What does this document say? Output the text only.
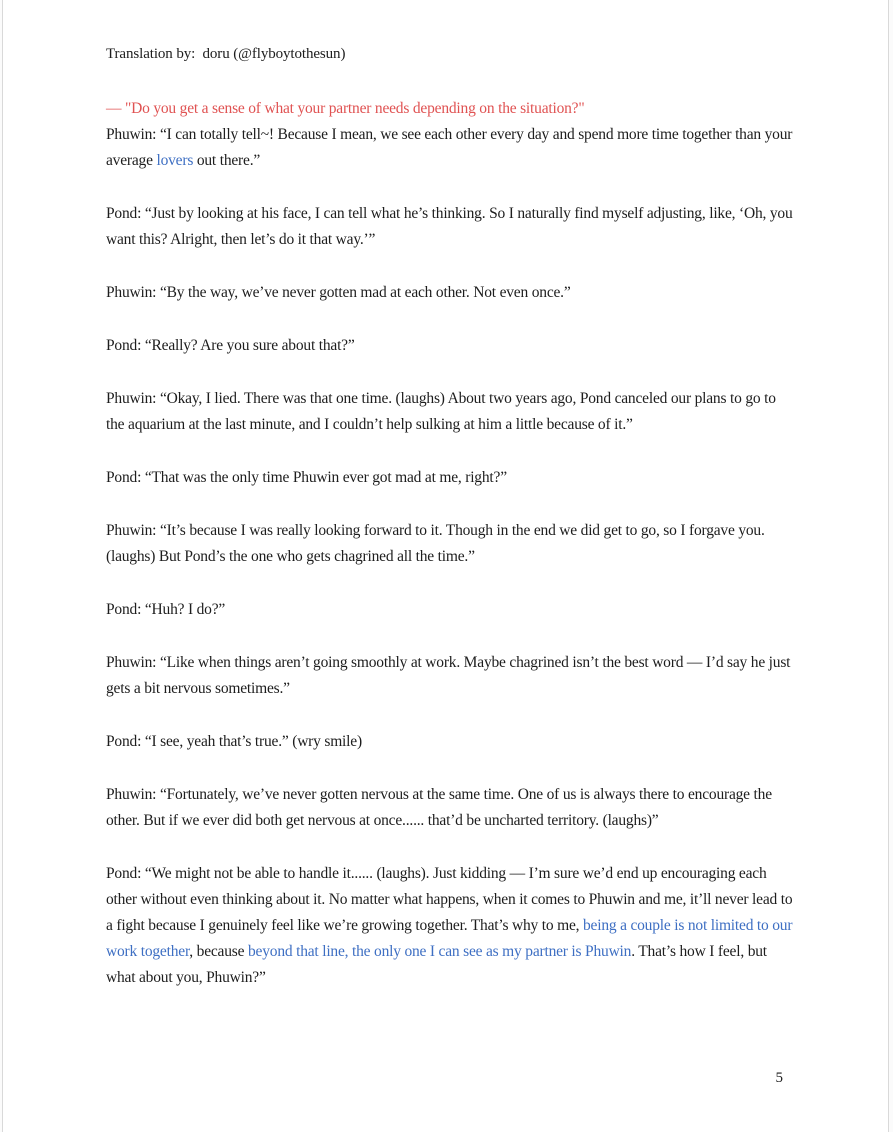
Translation by:  doru (@flyboytothesun)
— "Do you get a sense of what your partner needs depending on the situation?"

Phuwin: “I can totally tell~! Because I mean, we see each other every day and spend more time together than your average lovers out there.”

Pond: “Just by looking at his face, I can tell what he’s thinking. So I naturally find myself adjusting, like, ‘Oh, you want this? Alright, then let’s do it that way.’”

Phuwin: “By the way, we’ve never gotten mad at each other. Not even once.”

Pond: “Really? Are you sure about that?”

Phuwin: “Okay, I lied. There was that one time. (laughs) About two years ago, Pond canceled our plans to go to the aquarium at the last minute, and I couldn’t help sulking at him a little because of it.”

Pond: “That was the only time Phuwin ever got mad at me, right?”

Phuwin: “It’s because I was really looking forward to it. Though in the end we did get to go, so I forgave you. (laughs) But Pond’s the one who gets chagrined all the time.”

Pond: “Huh? I do?”

Phuwin: “Like when things aren’t going smoothly at work. Maybe chagrined isn’t the best word — I’d say he just gets a bit nervous sometimes.”

Pond: “I see, yeah that’s true.” (wry smile)

Phuwin: “Fortunately, we’ve never gotten nervous at the same time. One of us is always there to encourage the other. But if we ever did both get nervous at once...... that’d be uncharted territory. (laughs)”

Pond: “We might not be able to handle it...... (laughs). Just kidding — I’m sure we’d end up encouraging each other without even thinking about it. No matter what happens, when it comes to Phuwin and me, it’ll never lead to a fight because I genuinely feel like we’re growing together. That’s why to me, being a couple is not limited to our work together, because beyond that line, the only one I can see as my partner is Phuwin. That’s how I feel, but what about you, Phuwin?”

5
